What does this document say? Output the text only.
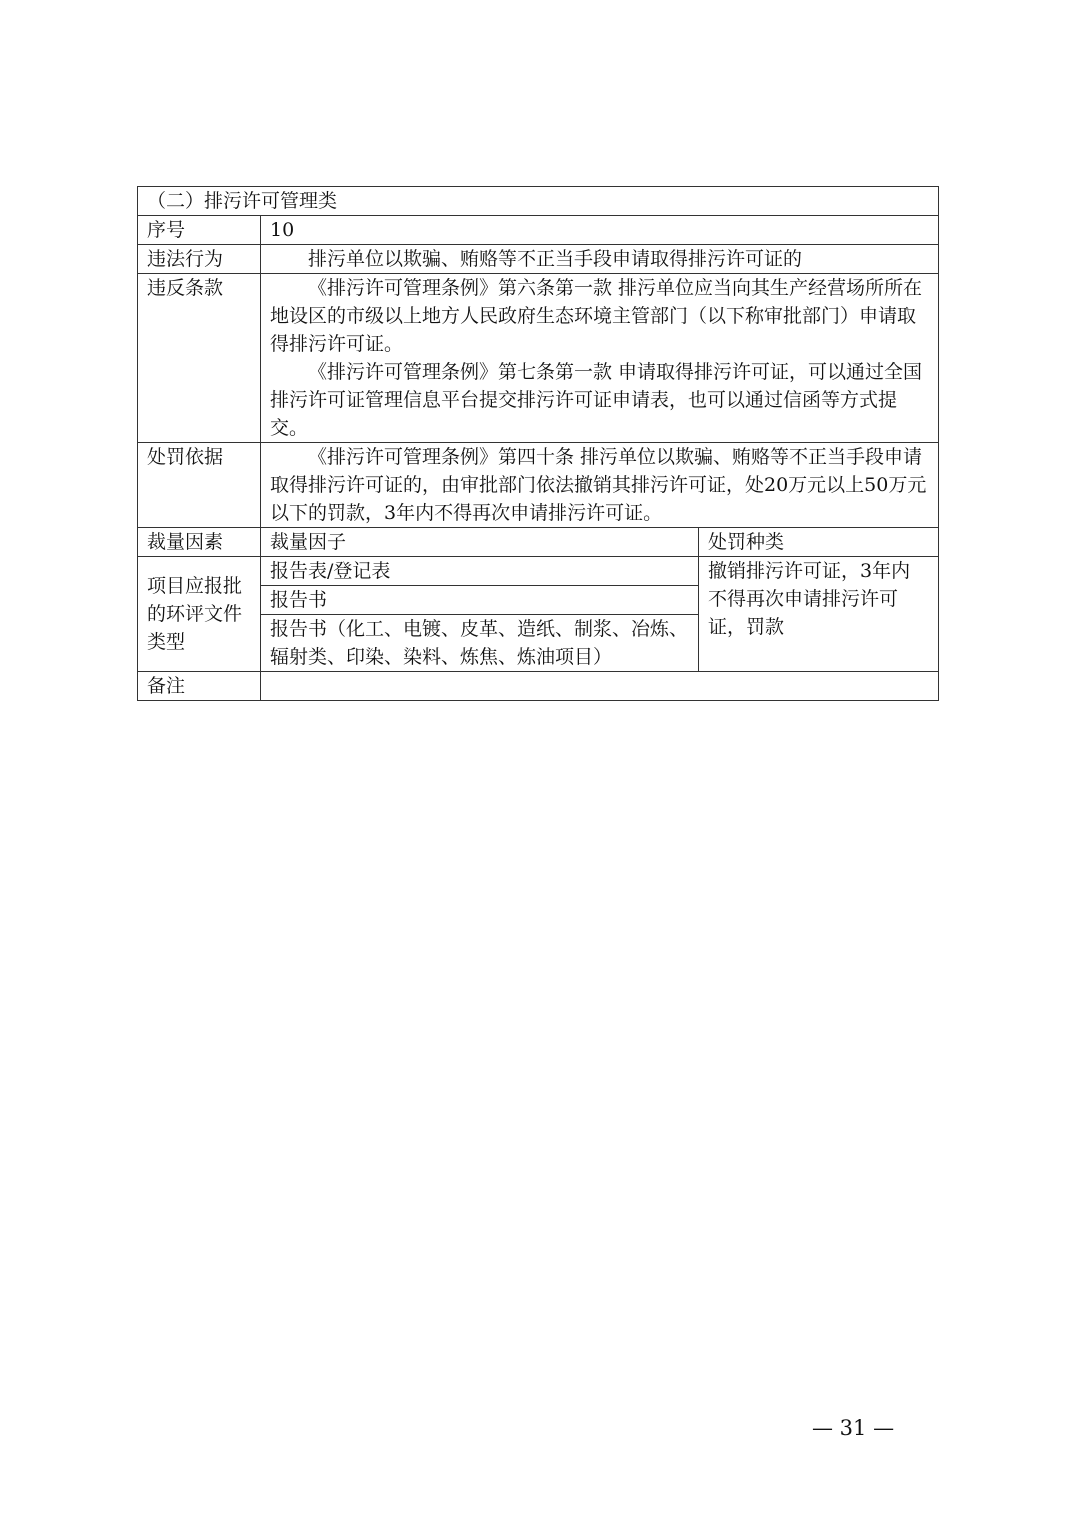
（二）排污许可管理类		
序号	10	
违法行为	排污单位以欺骗、贿赂等不正当手段申请取得排污许可证的	
违反条款	《排污许可管理条例》第六条第一款 排污单位应当向其生产经营场所所在地设区的市级以上地方人民政府生态环境主管部门（以下称审批部门）申请取得排污许可证。

《排污许可管理条例》第七条第一款 申请取得排污许可证，可以通过全国排污许可证管理信息平台提交排污许可证申请表，也可以通过信函等方式提交。	

处罚依据	《排污许可管理条例》第四十条 排污单位以欺骗、贿赂等不正当手段申请取得排污许可证的，由审批部门依法撤销其排污许可证，处20万元以上50万元以下的罚款，3年内不得再次申请排污许可证。	
裁量因素	裁量因子	处罚种类
项目应报批的环评文件类型	报告表/登记表	撤销排污许可证，3年内不得再次申请排污许可证，罚款
	报告书	
	报告书（化工、电镀、皮革、造纸、制浆、冶炼、辐射类、印染、染料、炼焦、炼油项目）	
备注		
— 31 —
